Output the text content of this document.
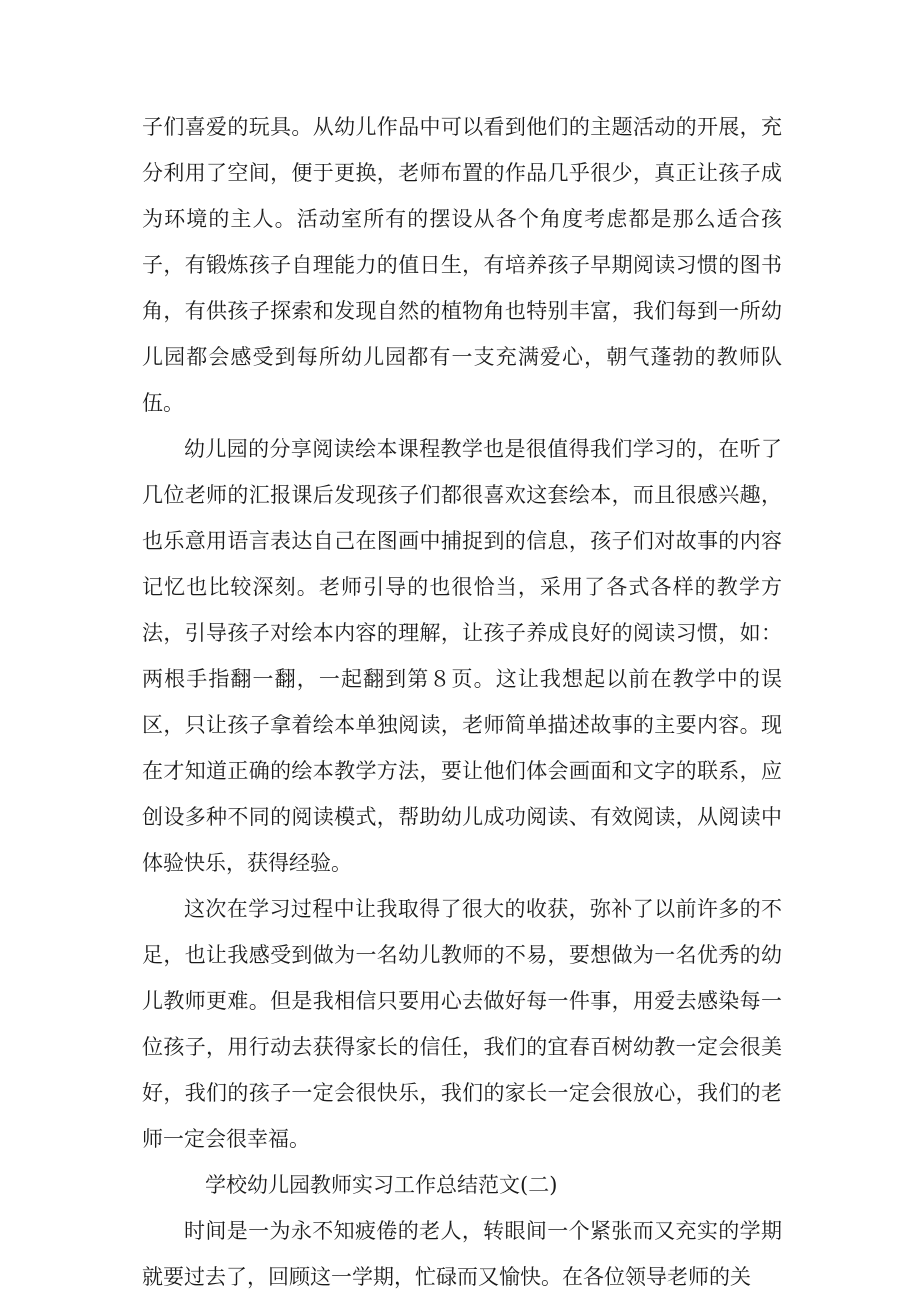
子们喜爱的玩具。从幼儿作品中可以看到他们的主题活动的开展，充分利用了空间，便于更换，老师布置的作品几乎很少，真正让孩子成为环境的主人。活动室所有的摆设从各个角度考虑都是那么适合孩子，有锻炼孩子自理能力的值日生，有培养孩子早期阅读习惯的图书角，有供孩子探索和发现自然的植物角也特别丰富，我们每到一所幼儿园都会感受到每所幼儿园都有一支充满爱心，朝气蓬勃的教师队伍。

幼儿园的分享阅读绘本课程教学也是很值得我们学习的，在听了几位老师的汇报课后发现孩子们都很喜欢这套绘本，而且很感兴趣，也乐意用语言表达自己在图画中捕捉到的信息，孩子们对故事的内容记忆也比较深刻。老师引导的也很恰当，采用了各式各样的教学方法，引导孩子对绘本内容的理解，让孩子养成良好的阅读习惯，如：两根手指翻一翻，一起翻到第８页。这让我想起以前在教学中的误区，只让孩子拿着绘本单独阅读，老师简单描述故事的主要内容。现在才知道正确的绘本教学方法，要让他们体会画面和文字的联系，应创设多种不同的阅读模式，帮助幼儿成功阅读、有效阅读，从阅读中体验快乐，获得经验。

这次在学习过程中让我取得了很大的收获，弥补了以前许多的不足，也让我感受到做为一名幼儿教师的不易，要想做为一名优秀的幼儿教师更难。但是我相信只要用心去做好每一件事，用爱去感染每一位孩子，用行动去获得家长的信任，我们的宜春百树幼教一定会很美好，我们的孩子一定会很快乐，我们的家长一定会很放心，我们的老师一定会很幸福。

学校幼儿园教师实习工作总结范文(二)

时间是一为永不知疲倦的老人，转眼间一个紧张而又充实的学期就要过去了，回顾这一学期，忙碌而又愉快。在各位领导老师的关
